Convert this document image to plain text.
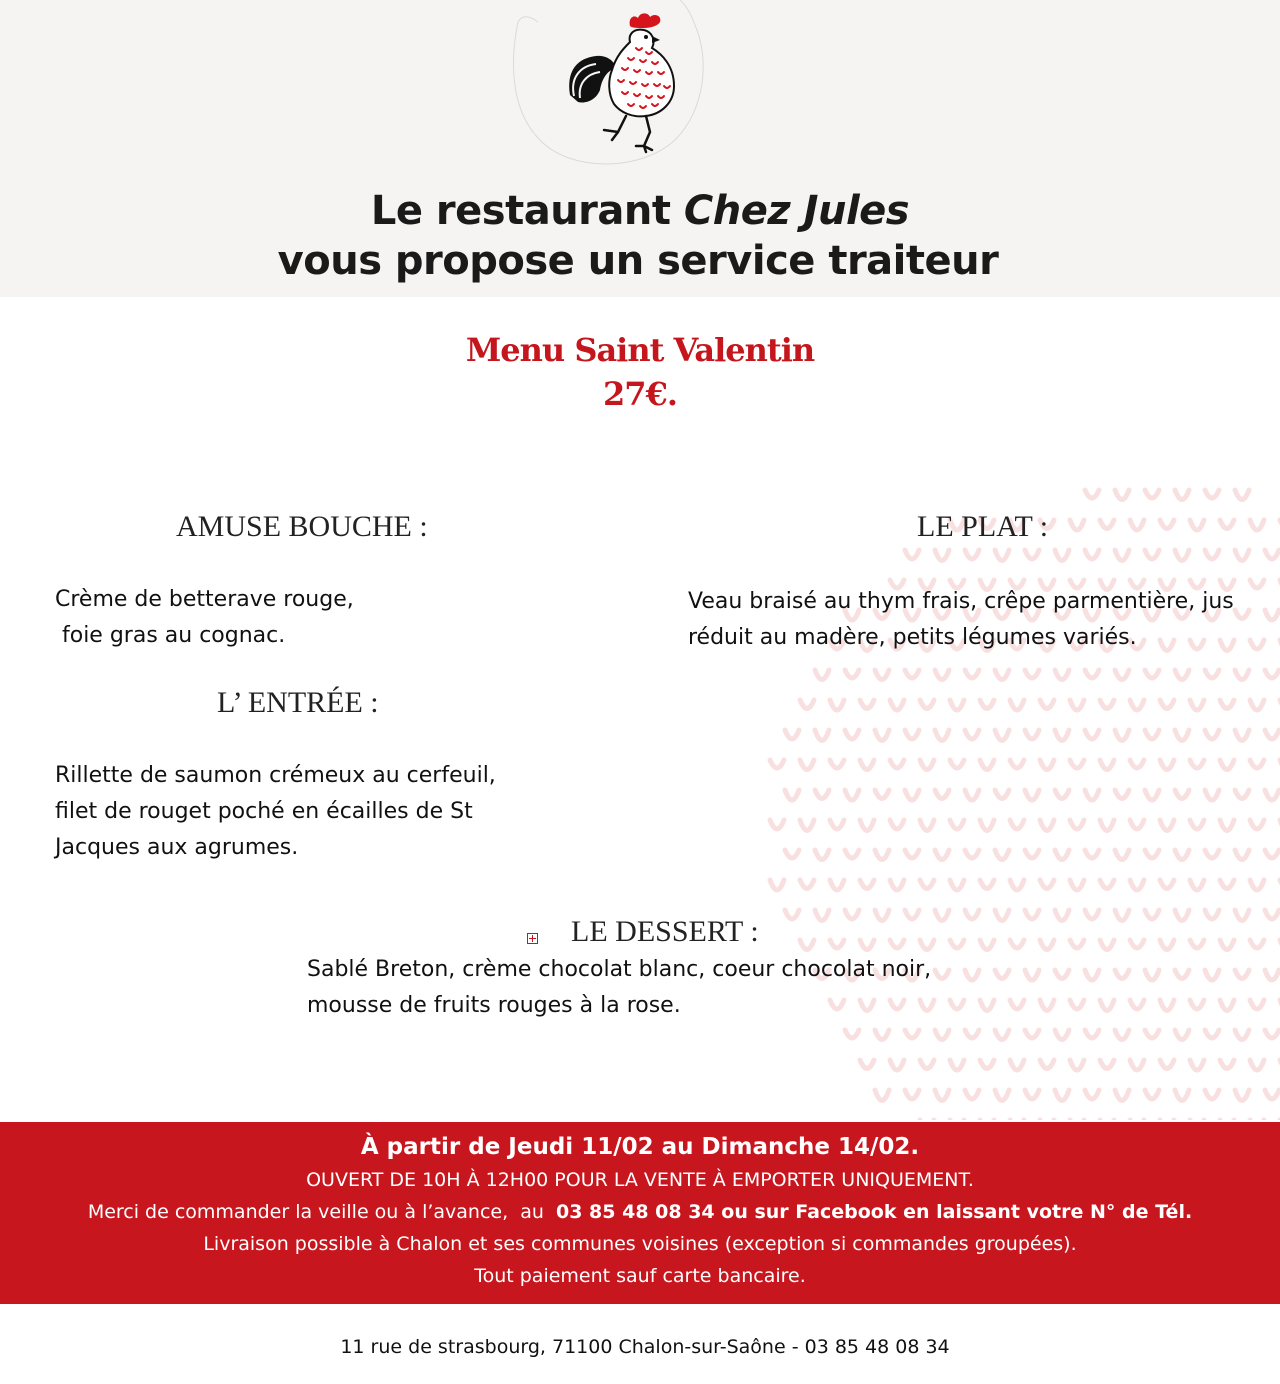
Le restaurant Chez Jules
vous propose un service traiteur
Menu Saint Valentin
27€.
AMUSE BOUCHE :
Crème de betterave rouge,
foie gras au cognac.
LE PLAT :
Veau braisé au thym frais, crêpe parmentière, jus
réduit au madère, petits légumes variés.
L’ ENTRÉE :
Rillette de saumon crémeux au cerfeuil,
filet de rouget poché en écailles de St
Jacques aux agrumes.
LE DESSERT :
Sablé Breton, crème chocolat blanc, coeur chocolat noir,
mousse de fruits rouges à la rose.
À partir de Jeudi 11/02 au Dimanche 14/02.
OUVERT DE 10H À 12H00 POUR LA VENTE À EMPORTER UNIQUEMENT.
Merci de commander la veille ou à l’avance,  au  03 85 48 08 34 ou sur Facebook en laissant votre N° de Tél.
Livraison possible à Chalon et ses communes voisines (exception si commandes groupées).
Tout paiement sauf carte bancaire.
11 rue de strasbourg, 71100 Chalon-sur-Saône - 03 85 48 08 34
